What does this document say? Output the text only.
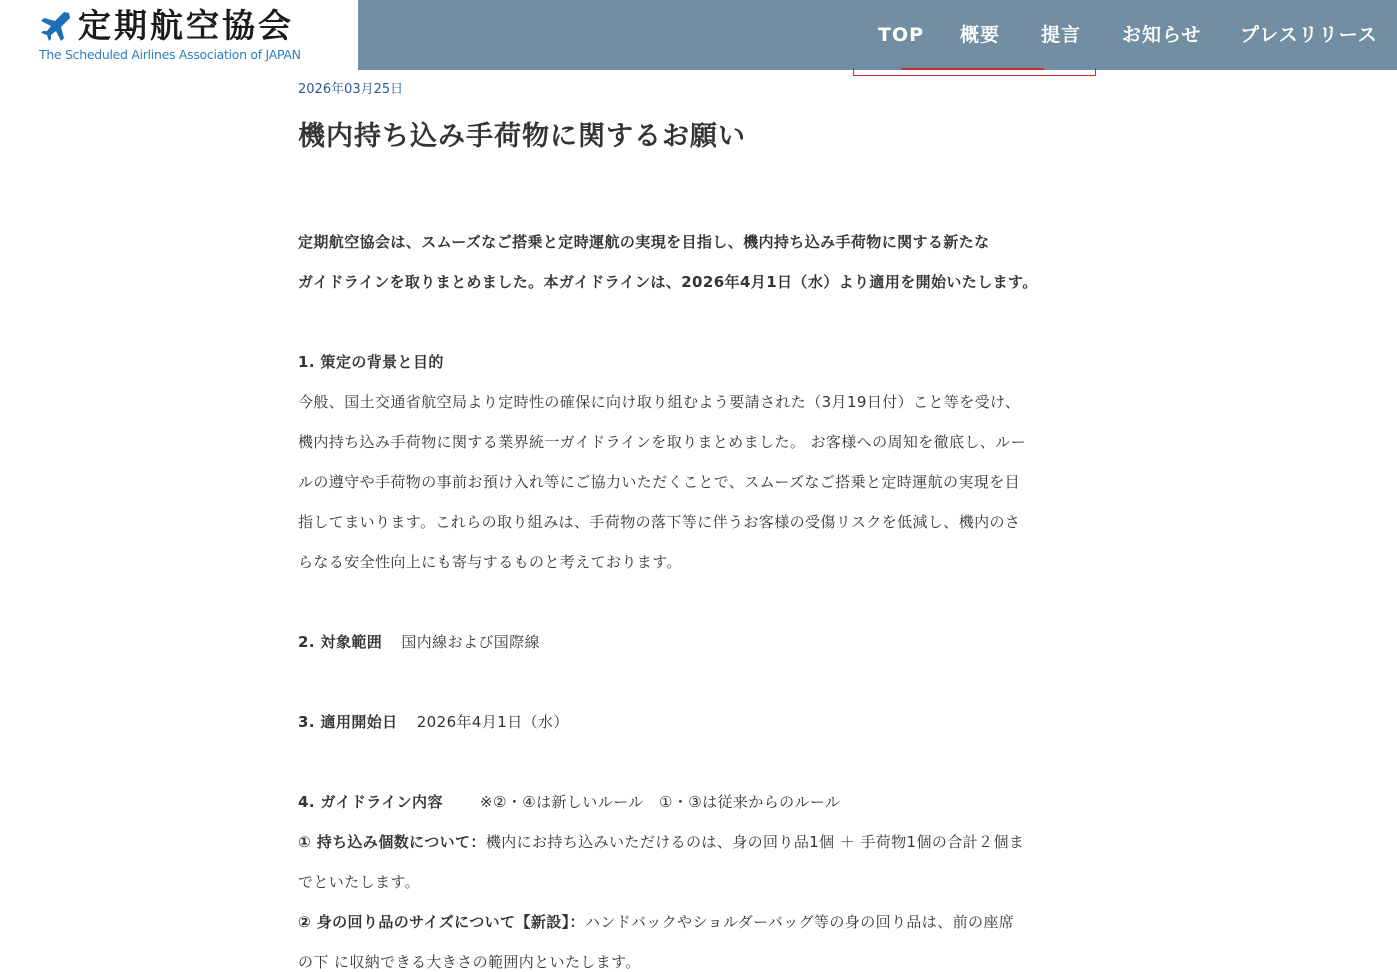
定期航空協会
The Scheduled Airlines Association of JAPAN
TOP 概要 提言 お知らせ プレスリリース
2026年03月25日
機内持ち込み手荷物に関するお願い
定期航空協会は、スムーズなご搭乗と定時運航の実現を目指し、機内持ち込み手荷物に関する新たな
ガイドラインを取りまとめました。本ガイドラインは、2026年4月1日（水）より適用を開始いたします。
1. 策定の背景と目的
今般、国土交通省航空局より定時性の確保に向け取り組むよう要請された（3月19日付）こと等を受け、
機内持ち込み手荷物に関する業界統一ガイドラインを取りまとめました。 お客様への周知を徹底し、ルー
ルの遵守や手荷物の事前お預け入れ等にご協力いただくことで、スムーズなご搭乗と定時運航の実現を目
指してまいります。これらの取り組みは、手荷物の落下等に伴うお客様の受傷リスクを低減し、機内のさ
らなる安全性向上にも寄与するものと考えております。
2. 対象範囲 国内線および国際線
3. 適用開始日 2026年4月1日（水）
4. ガイドライン内容 ※②・④は新しいルール　①・③は従来からのルール
① 持ち込み個数について：機内にお持ち込みいただけるのは、身の回り品1個 ＋ 手荷物1個の合計２個ま
でといたします。
② 身の回り品のサイズについて【新設】：ハンドバックやショルダーバッグ等の身の回り品は、前の座席
の下 に収納できる大きさの範囲内といたします。
